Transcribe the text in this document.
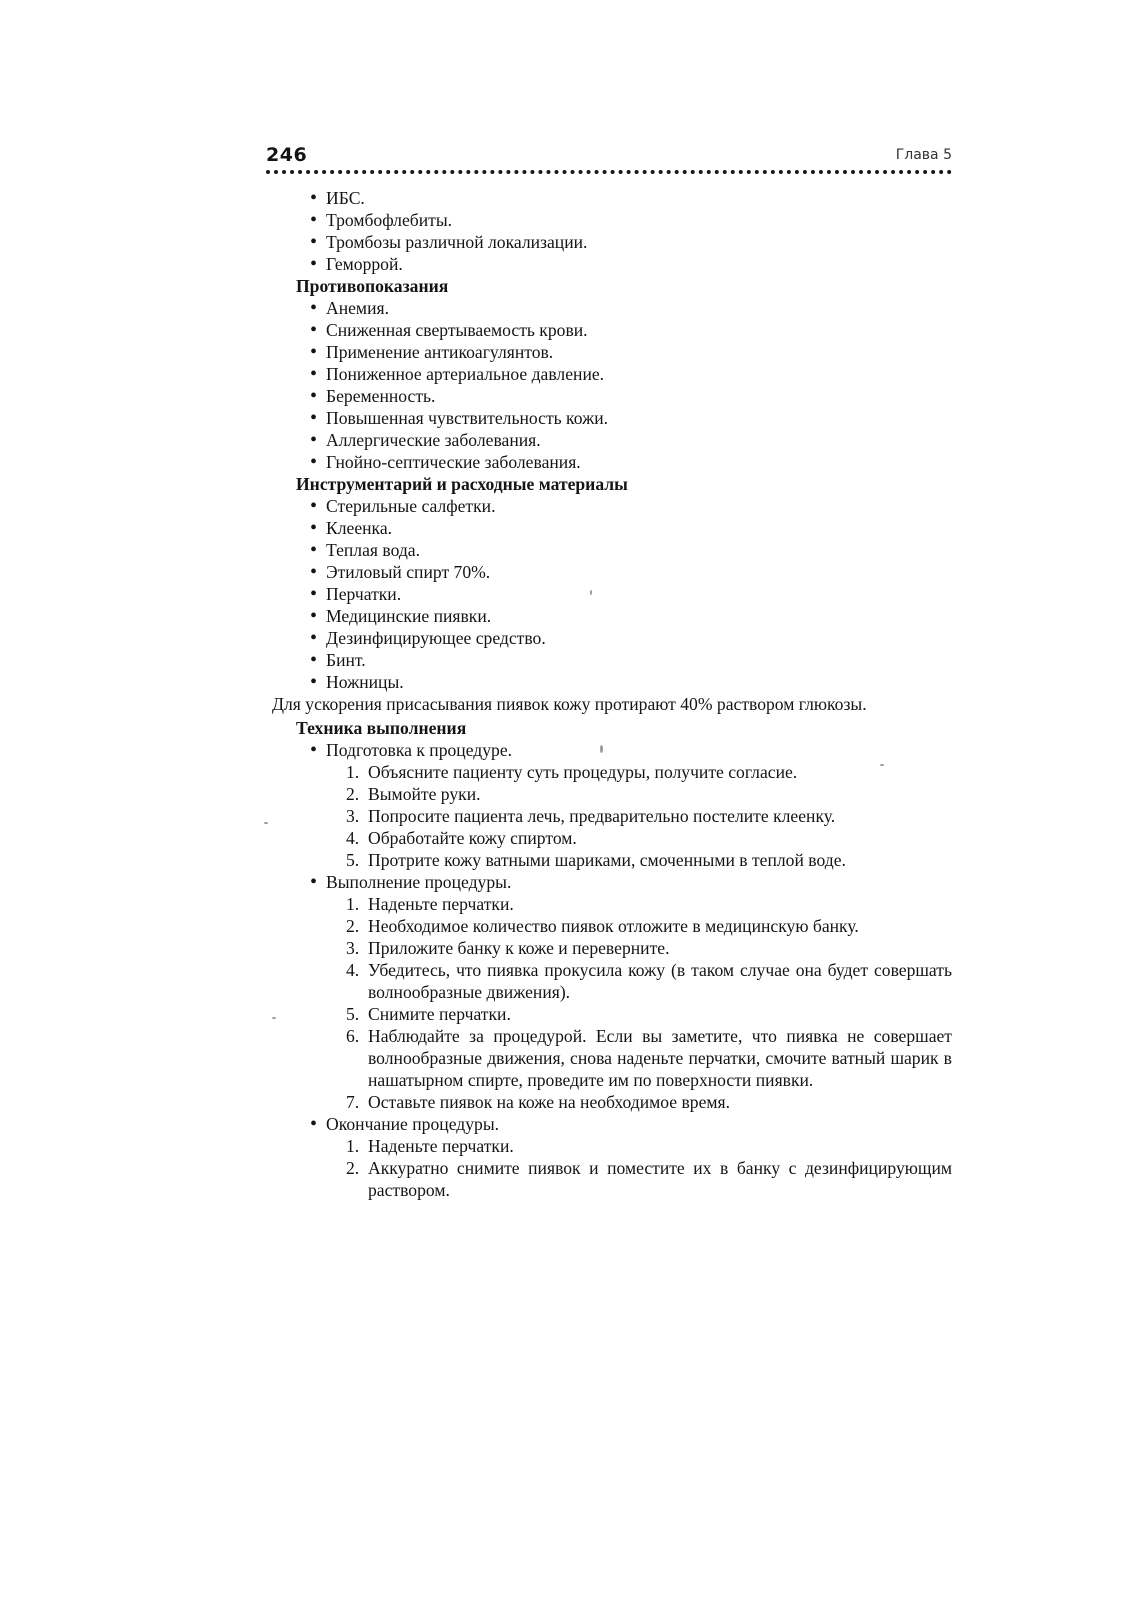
246	Глава 5
• ИБС.
• Тромбофлебиты.
• Тромбозы различной локализации.
• Геморрой.

Противопоказания

• Анемия.
• Сниженная свертываемость крови.
• Применение антикоагулянтов.
• Пониженное артериальное давление.
• Беременность.
• Повышенная чувствительность кожи.
• Аллергические заболевания.
• Гнойно-септические заболевания.

Инструментарий и расходные материалы

• Стерильные салфетки.
• Клеенка.
• Теплая вода.
• Этиловый спирт 70%.
• Перчатки.
• Медицинские пиявки.
• Дезинфицирующее средство.
• Бинт.
• Ножницы.

Для ускорения присасывания пиявок кожу протирают 40% раствором глюкозы.

Техника выполнения

• Подготовка к процедуре.
1. Объясните пациенту суть процедуры, получите согласие.
2. Вымойте руки.
3. Попросите пациента лечь, предварительно постелите клеенку.
4. Обработайте кожу спиртом.
5. Протрите кожу ватными шариками, смоченными в теплой воде.
• Выполнение процедуры.
1. Наденьте перчатки.
2. Необходимое количество пиявок отложите в медицинскую банку.
3. Приложите банку к коже и переверните.
4. Убедитесь, что пиявка прокусила кожу (в таком случае она будет совершать волнообразные движения).
5. Снимите перчатки.
6. Наблюдайте за процедурой. Если вы заметите, что пиявка не совершает волнообразные движения, снова наденьте перчатки, смочите ватный шарик в нашатырном спирте, проведите им по поверхности пиявки.
7. Оставьте пиявок на коже на необходимое время.
• Окончание процедуры.
1. Наденьте перчатки.
2. Аккуратно снимите пиявок и поместите их в банку с дезинфицирующим раствором.
